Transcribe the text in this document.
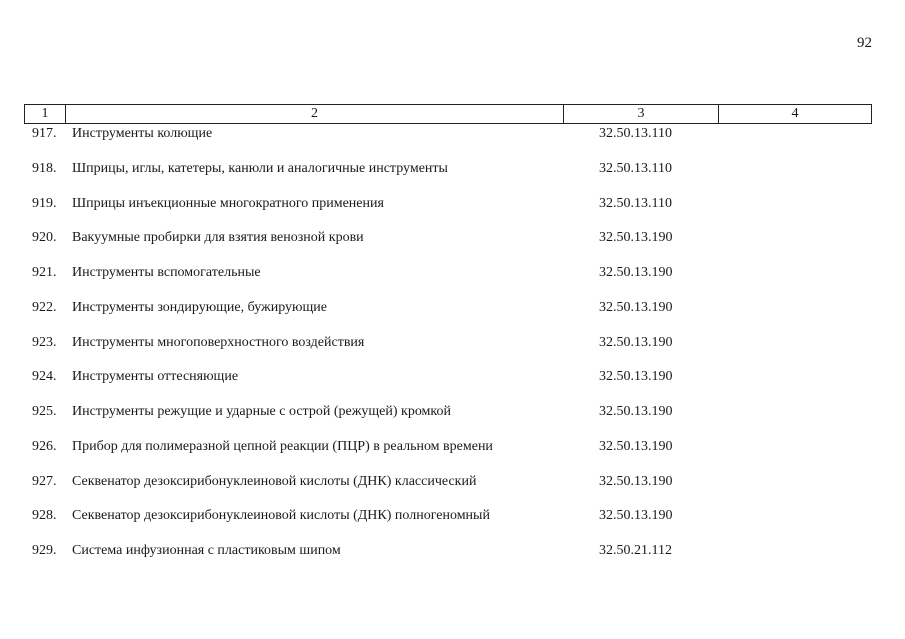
92
1	2	3	4
917. Инструменты колющие	32.50.13.110
918. Шприцы, иглы, катетеры, канюли и аналогичные инструменты	32.50.13.110
919. Шприцы инъекционные многократного применения	32.50.13.110
920. Вакуумные пробирки для взятия венозной крови	32.50.13.190
921. Инструменты вспомогательные	32.50.13.190
922. Инструменты зондирующие, бужирующие	32.50.13.190
923. Инструменты многоповерхностного воздействия	32.50.13.190
924. Инструменты оттесняющие	32.50.13.190
925. Инструменты режущие и ударные с острой (режущей) кромкой	32.50.13.190
926. Прибор для полимеразной цепной реакции (ПЦР) в реальном времени	32.50.13.190
927. Секвенатор дезоксирибонуклеиновой кислоты (ДНК) классический	32.50.13.190
928. Секвенатор дезоксирибонуклеиновой кислоты (ДНК) полногеномный	32.50.13.190
929. Система инфузионная с пластиковым шипом	32.50.21.112
